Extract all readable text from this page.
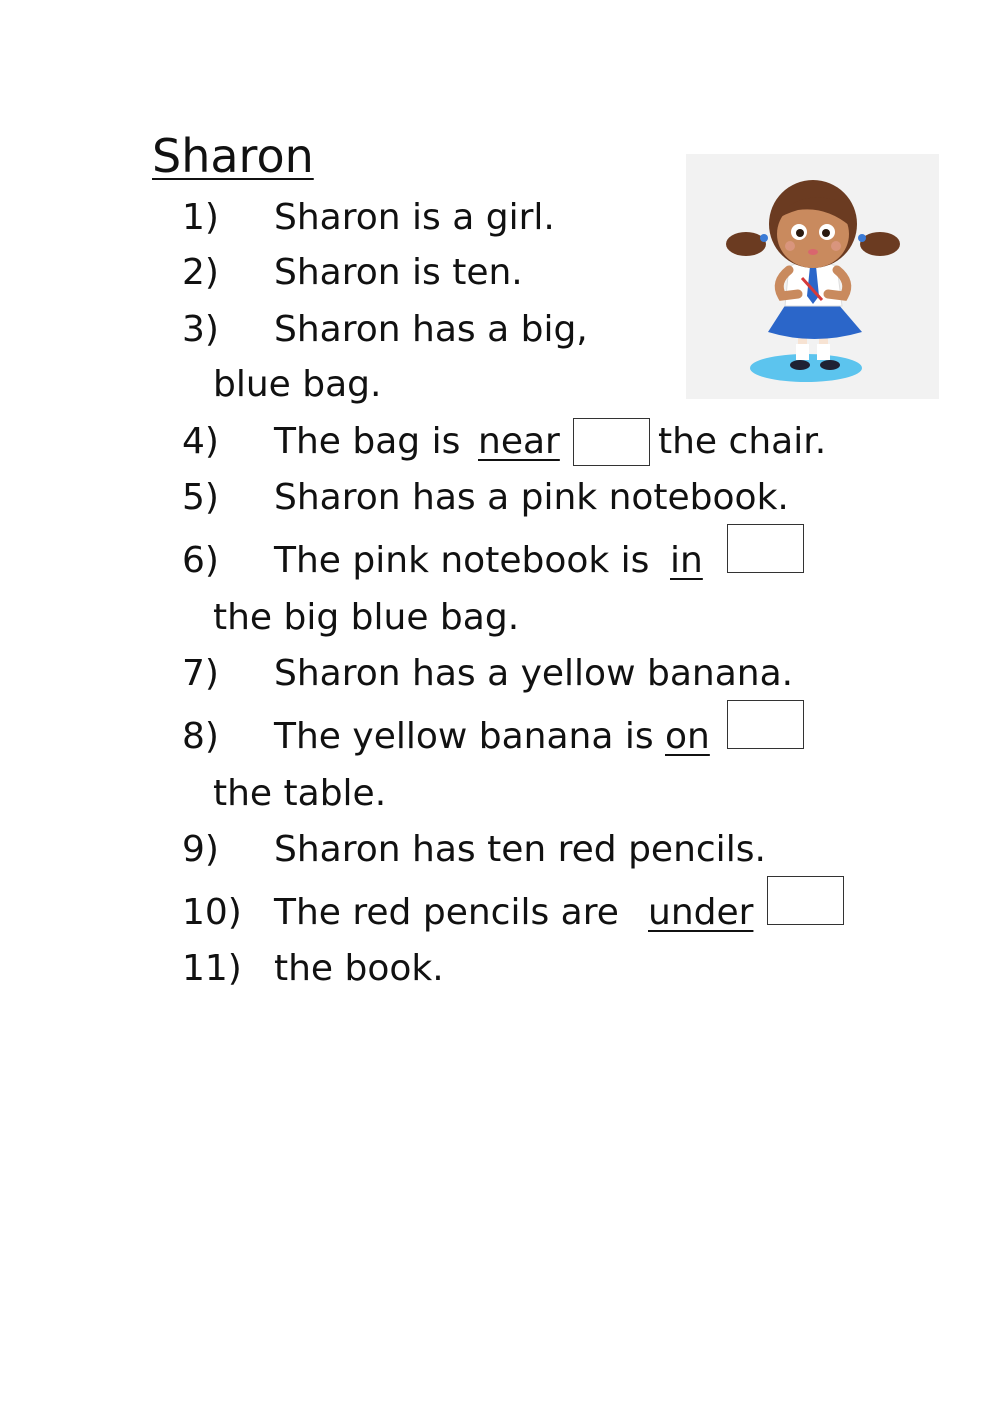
Sharon
1) Sharon is a girl.
2) Sharon is ten.
3) Sharon has a big,
blue bag.
4) The bag is near	the chair.
5) Sharon has a pink notebook.
6) The pink notebook is in
the big blue bag.
7) Sharon has a yellow banana.
8) The yellow banana is on
the table.
9) Sharon has ten red pencils.
10) The red pencils are under
11) the book.
